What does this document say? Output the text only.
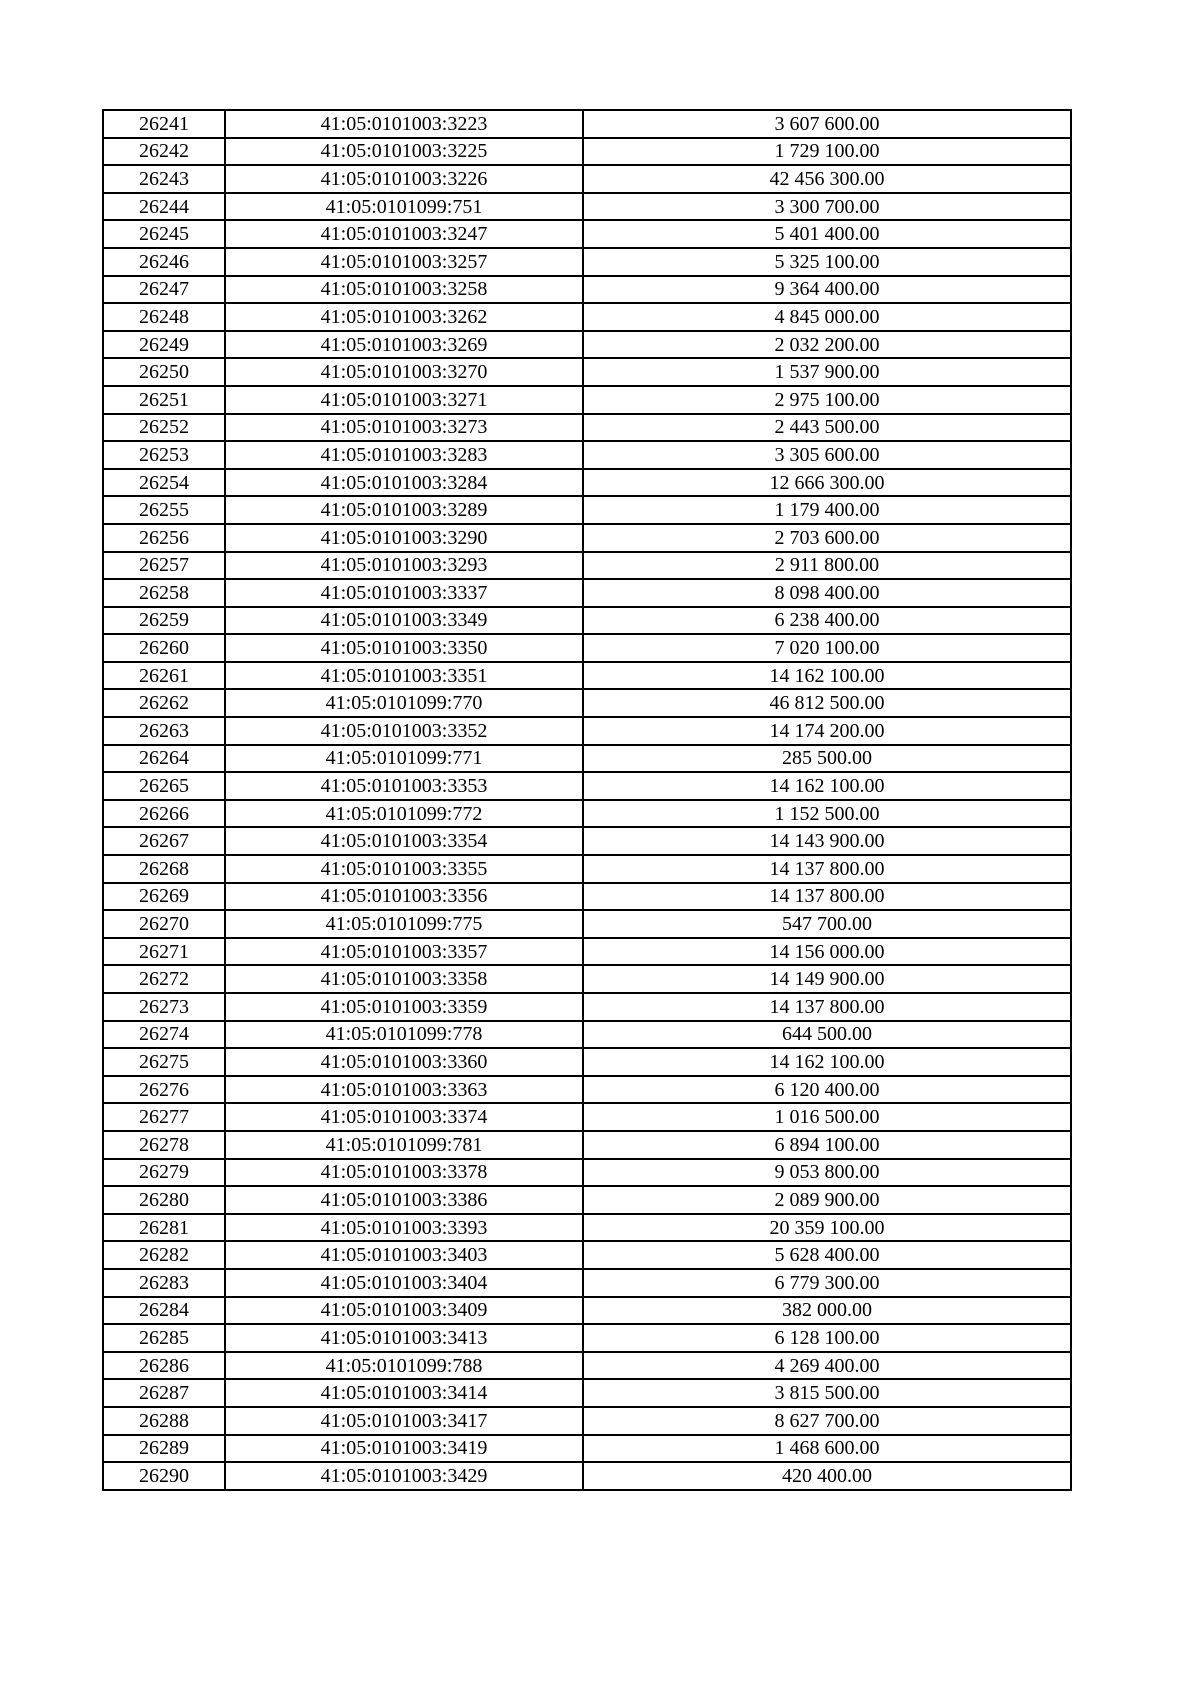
26241	41:05:0101003:3223	3 607 600.00
26242	41:05:0101003:3225	1 729 100.00
26243	41:05:0101003:3226	42 456 300.00
26244	41:05:0101099:751	3 300 700.00
26245	41:05:0101003:3247	5 401 400.00
26246	41:05:0101003:3257	5 325 100.00
26247	41:05:0101003:3258	9 364 400.00
26248	41:05:0101003:3262	4 845 000.00
26249	41:05:0101003:3269	2 032 200.00
26250	41:05:0101003:3270	1 537 900.00
26251	41:05:0101003:3271	2 975 100.00
26252	41:05:0101003:3273	2 443 500.00
26253	41:05:0101003:3283	3 305 600.00
26254	41:05:0101003:3284	12 666 300.00
26255	41:05:0101003:3289	1 179 400.00
26256	41:05:0101003:3290	2 703 600.00
26257	41:05:0101003:3293	2 911 800.00
26258	41:05:0101003:3337	8 098 400.00
26259	41:05:0101003:3349	6 238 400.00
26260	41:05:0101003:3350	7 020 100.00
26261	41:05:0101003:3351	14 162 100.00
26262	41:05:0101099:770	46 812 500.00
26263	41:05:0101003:3352	14 174 200.00
26264	41:05:0101099:771	285 500.00
26265	41:05:0101003:3353	14 162 100.00
26266	41:05:0101099:772	1 152 500.00
26267	41:05:0101003:3354	14 143 900.00
26268	41:05:0101003:3355	14 137 800.00
26269	41:05:0101003:3356	14 137 800.00
26270	41:05:0101099:775	547 700.00
26271	41:05:0101003:3357	14 156 000.00
26272	41:05:0101003:3358	14 149 900.00
26273	41:05:0101003:3359	14 137 800.00
26274	41:05:0101099:778	644 500.00
26275	41:05:0101003:3360	14 162 100.00
26276	41:05:0101003:3363	6 120 400.00
26277	41:05:0101003:3374	1 016 500.00
26278	41:05:0101099:781	6 894 100.00
26279	41:05:0101003:3378	9 053 800.00
26280	41:05:0101003:3386	2 089 900.00
26281	41:05:0101003:3393	20 359 100.00
26282	41:05:0101003:3403	5 628 400.00
26283	41:05:0101003:3404	6 779 300.00
26284	41:05:0101003:3409	382 000.00
26285	41:05:0101003:3413	6 128 100.00
26286	41:05:0101099:788	4 269 400.00
26287	41:05:0101003:3414	3 815 500.00
26288	41:05:0101003:3417	8 627 700.00
26289	41:05:0101003:3419	1 468 600.00
26290	41:05:0101003:3429	420 400.00
